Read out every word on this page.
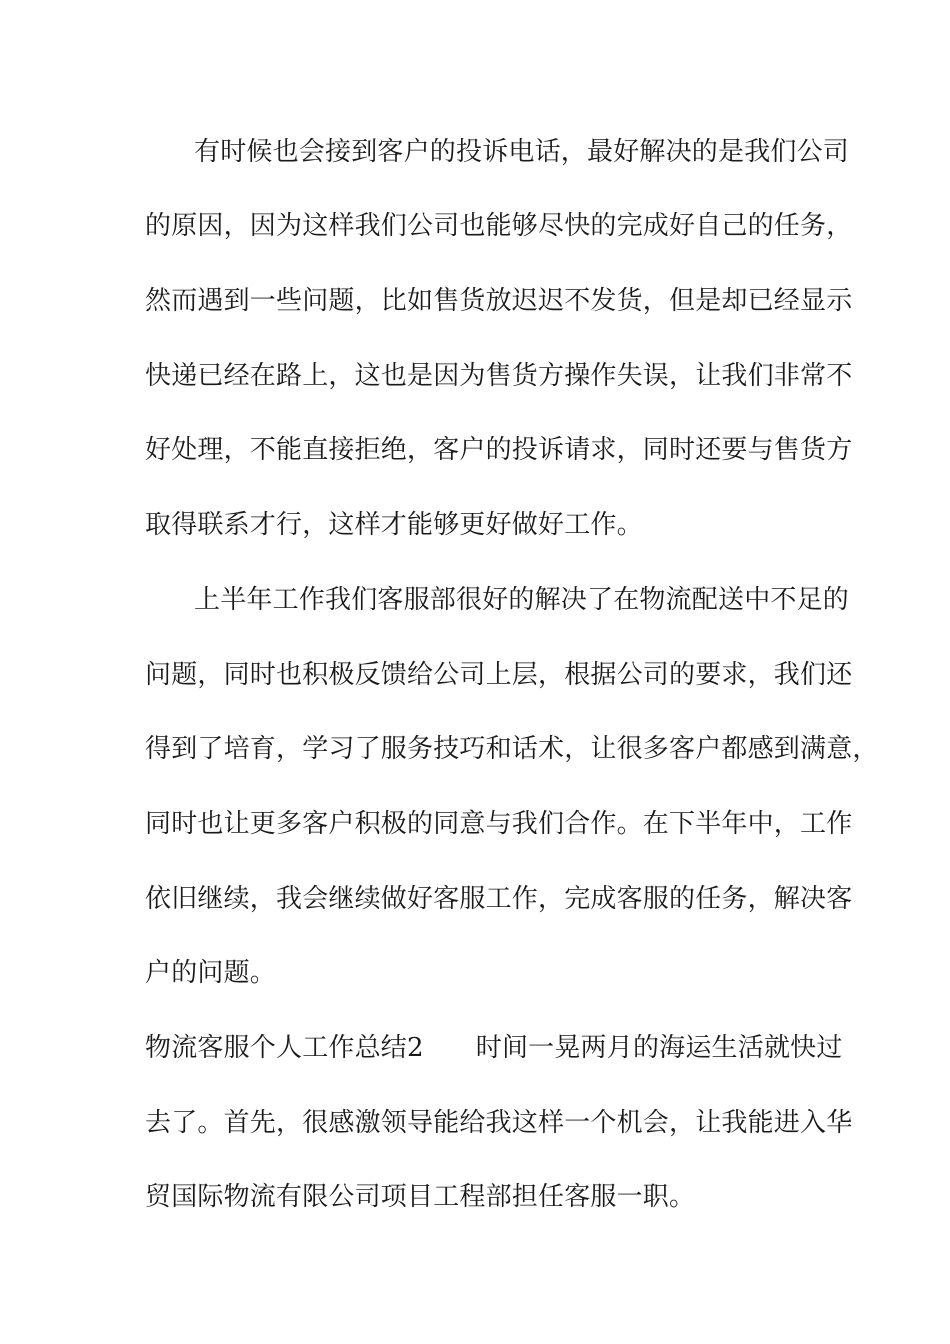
有时候也会接到客户的投诉电话，最好解决的是我们公司
的原因，因为这样我们公司也能够尽快的完成好自己的任务，
然而遇到一些问题，比如售货放迟迟不发货，但是却已经显示
快递已经在路上，这也是因为售货方操作失误，让我们非常不
好处理，不能直接拒绝，客户的投诉请求，同时还要与售货方
取得联系才行，这样才能够更好做好工作。
上半年工作我们客服部很好的解决了在物流配送中不足的
问题，同时也积极反馈给公司上层，根据公司的要求，我们还
得到了培育，学习了服务技巧和话术，让很多客户都感到满意，
同时也让更多客户积极的同意与我们合作。在下半年中，工作
依旧继续，我会继续做好客服工作，完成客服的任务，解决客
户的问题。
物流客服个人工作总结2 时间一晃两月的海运生活就快过
去了。首先，很感激领导能给我这样一个机会，让我能进入华
贸国际物流有限公司项目工程部担任客服一职。
